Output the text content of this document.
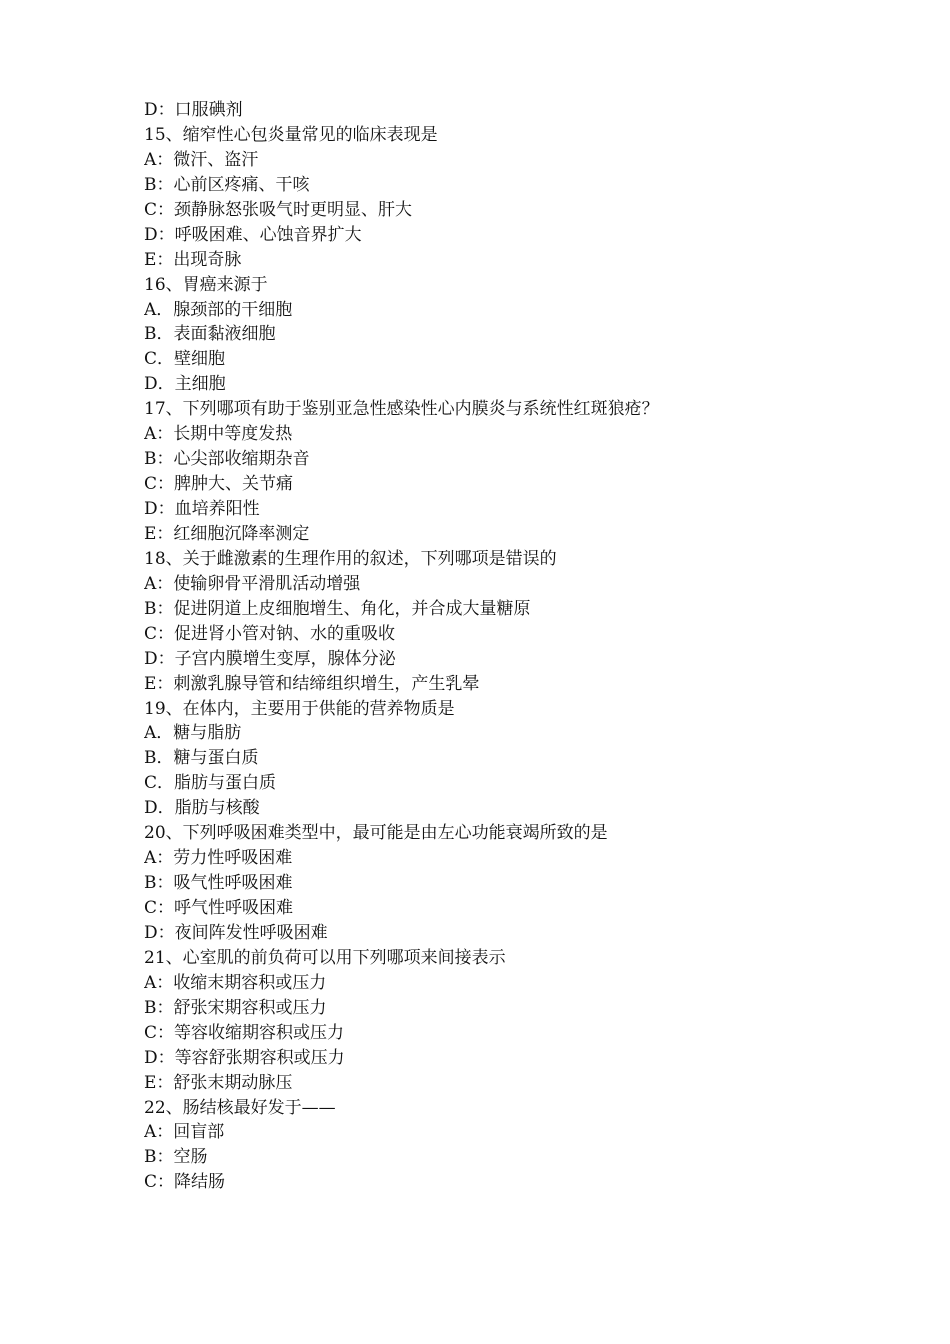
D：口服碘剂
15、缩窄性心包炎量常见的临床表现是
A：微汗、盗汗
B：心前区疼痛、干咳
C：颈静脉怒张吸气时更明显、肝大
D：呼吸困难、心蚀音界扩大
E：出现奇脉
16、胃癌来源于
A．腺颈部的干细胞
B．表面黏液细胞
C．壁细胞
D．主细胞
17、下列哪项有助于鉴别亚急性感染性心内膜炎与系统性红斑狼疮？
A：长期中等度发热
B：心尖部收缩期杂音
C：脾肿大、关节痛
D：血培养阳性
E：红细胞沉降率测定
18、关于雌激素的生理作用的叙述，下列哪项是错误的
A：使输卵骨平滑肌活动增强
B：促进阴道上皮细胞增生、角化，并合成大量糖原
C：促进肾小管对钠、水的重吸收
D：子宫内膜增生变厚，腺体分泌
E：刺激乳腺导管和结缔组织增生，产生乳晕
19、在体内，主要用于供能的营养物质是
A．糖与脂肪
B．糖与蛋白质
C．脂肪与蛋白质
D．脂肪与核酸
20、下列呼吸困难类型中，最可能是由左心功能衰竭所致的是
A：劳力性呼吸困难
B：吸气性呼吸困难
C：呼气性呼吸困难
D：夜间阵发性呼吸困难
21、心室肌的前负荷可以用下列哪项来间接表示
A：收缩末期容积或压力
B：舒张宋期容积或压力
C：等容收缩期容积或压力
D：等容舒张期容积或压力
E：舒张末期动脉压
22、肠结核最好发于——
A：回盲部
B：空肠
C：降结肠
